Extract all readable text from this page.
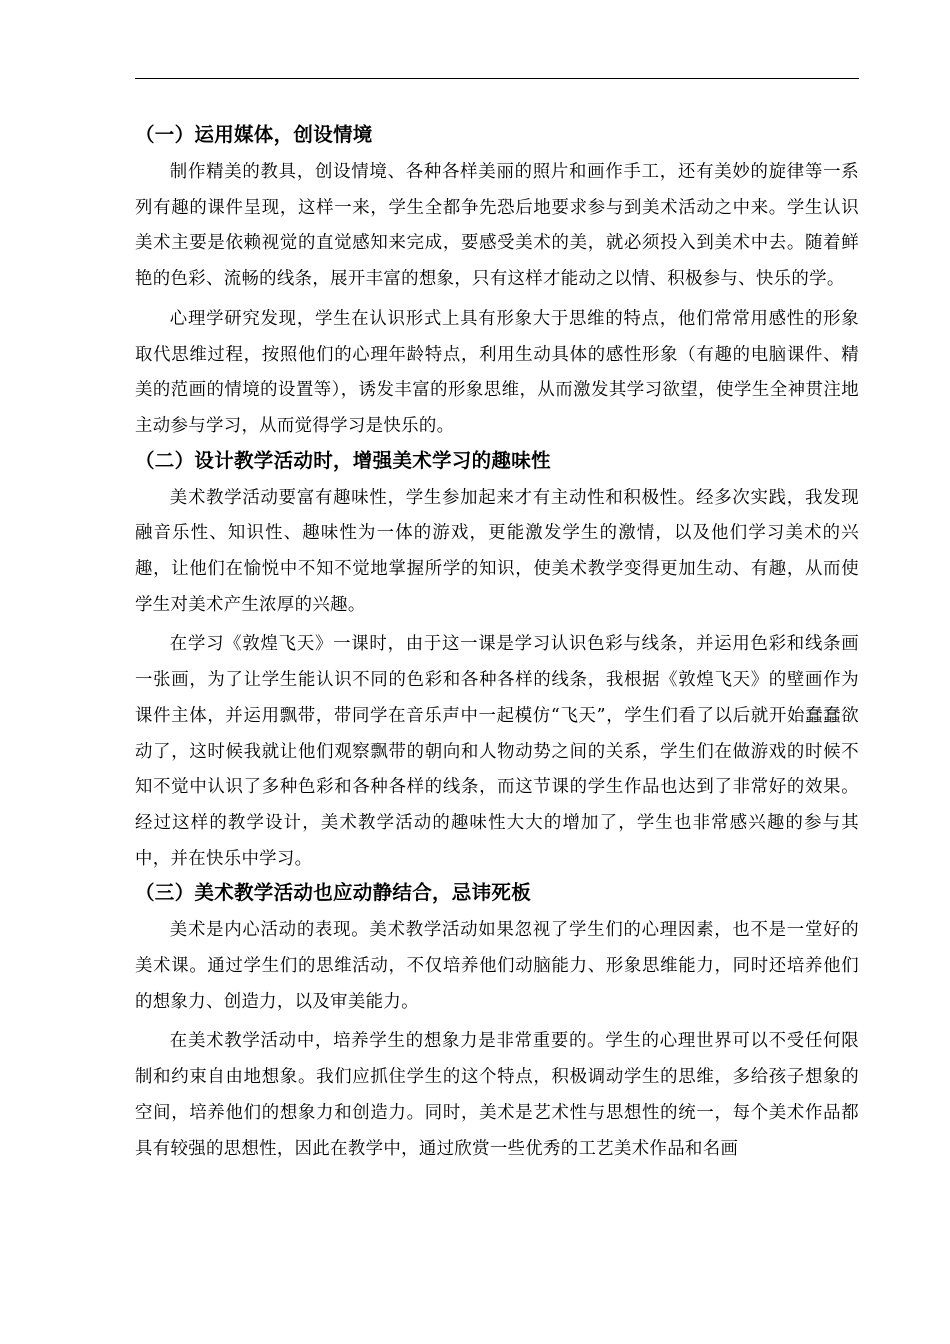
（一）运用媒体，创设情境

制作精美的教具，创设情境、各种各样美丽的照片和画作手工，还有美妙的旋律等一系列有趣的课件呈现，这样一来，学生全都争先恐后地要求参与到美术活动之中来。学生认识美术主要是依赖视觉的直觉感知来完成，要感受美术的美，就必须投入到美术中去。随着鲜艳的色彩、流畅的线条，展开丰富的想象，只有这样才能动之以情、积极参与、快乐的学。

心理学研究发现，学生在认识形式上具有形象大于思维的特点，他们常常用感性的形象取代思维过程，按照他们的心理年龄特点，利用生动具体的感性形象（有趣的电脑课件、精美的范画的情境的设置等），诱发丰富的形象思维，从而激发其学习欲望，使学生全神贯注地主动参与学习，从而觉得学习是快乐的。

（二）设计教学活动时，增强美术学习的趣味性

美术教学活动要富有趣味性，学生参加起来才有主动性和积极性。经多次实践，我发现融音乐性、知识性、趣味性为一体的游戏，更能激发学生的激情，以及他们学习美术的兴趣，让他们在愉悦中不知不觉地掌握所学的知识，使美术教学变得更加生动、有趣，从而使学生对美术产生浓厚的兴趣。

在学习《敦煌飞天》一课时，由于这一课是学习认识色彩与线条，并运用色彩和线条画一张画，为了让学生能认识不同的色彩和各种各样的线条，我根据《敦煌飞天》的壁画作为课件主体，并运用飘带，带同学在音乐声中一起模仿“飞天”，学生们看了以后就开始蠢蠢欲动了，这时候我就让他们观察飘带的朝向和人物动势之间的关系，学生们在做游戏的时候不知不觉中认识了多种色彩和各种各样的线条，而这节课的学生作品也达到了非常好的效果。经过这样的教学设计，美术教学活动的趣味性大大的增加了，学生也非常感兴趣的参与其中，并在快乐中学习。

（三）美术教学活动也应动静结合，忌讳死板

美术是内心活动的表现。美术教学活动如果忽视了学生们的心理因素，也不是一堂好的美术课。通过学生们的思维活动，不仅培养他们动脑能力、形象思维能力，同时还培养他们的想象力、创造力，以及审美能力。

在美术教学活动中，培养学生的想象力是非常重要的。学生的心理世界可以不受任何限制和约束自由地想象。我们应抓住学生的这个特点，积极调动学生的思维，多给孩子想象的空间，培养他们的想象力和创造力。同时，美术是艺术性与思想性的统一，每个美术作品都具有较强的思想性，因此在教学中，通过欣赏一些优秀的工艺美术作品和名画
